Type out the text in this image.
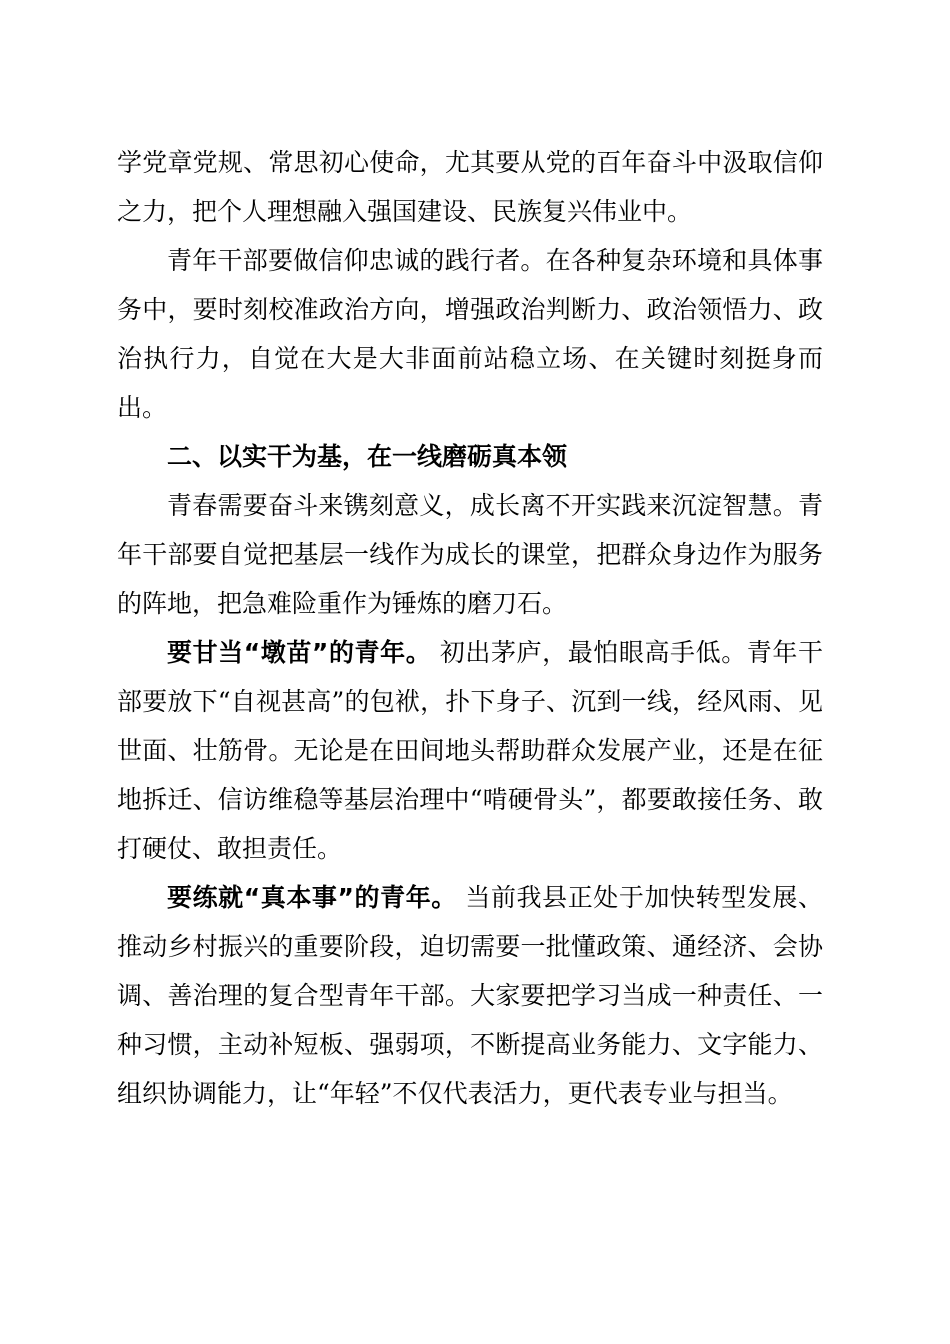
学党章党规、常思初心使命，尤其要从党的百年奋斗中汲取信仰之力，把个人理想融入强国建设、民族复兴伟业中。

青年干部要做信仰忠诚的践行者。在各种复杂环境和具体事务中，要时刻校准政治方向，增强政治判断力、政治领悟力、政治执行力，自觉在大是大非面前站稳立场、在关键时刻挺身而出。

二、以实干为基，在一线磨砺真本领

青春需要奋斗来镌刻意义，成长离不开实践来沉淀智慧。青年干部要自觉把基层一线作为成长的课堂，把群众身边作为服务的阵地，把急难险重作为锤炼的磨刀石。

要甘当“墩苗”的青年。 初出茅庐，最怕眼高手低。青年干部要放下“自视甚高”的包袱，扑下身子、沉到一线，经风雨、见世面、壮筋骨。无论是在田间地头帮助群众发展产业，还是在征地拆迁、信访维稳等基层治理中“啃硬骨头”，都要敢接任务、敢打硬仗、敢担责任。

要练就“真本事”的青年。 当前我县正处于加快转型发展、推动乡村振兴的重要阶段，迫切需要一批懂政策、通经济、会协调、善治理的复合型青年干部。大家要把学习当成一种责任、一种习惯，主动补短板、强弱项，不断提高业务能力、文字能力、组织协调能力，让“年轻”不仅代表活力，更代表专业与担当。
